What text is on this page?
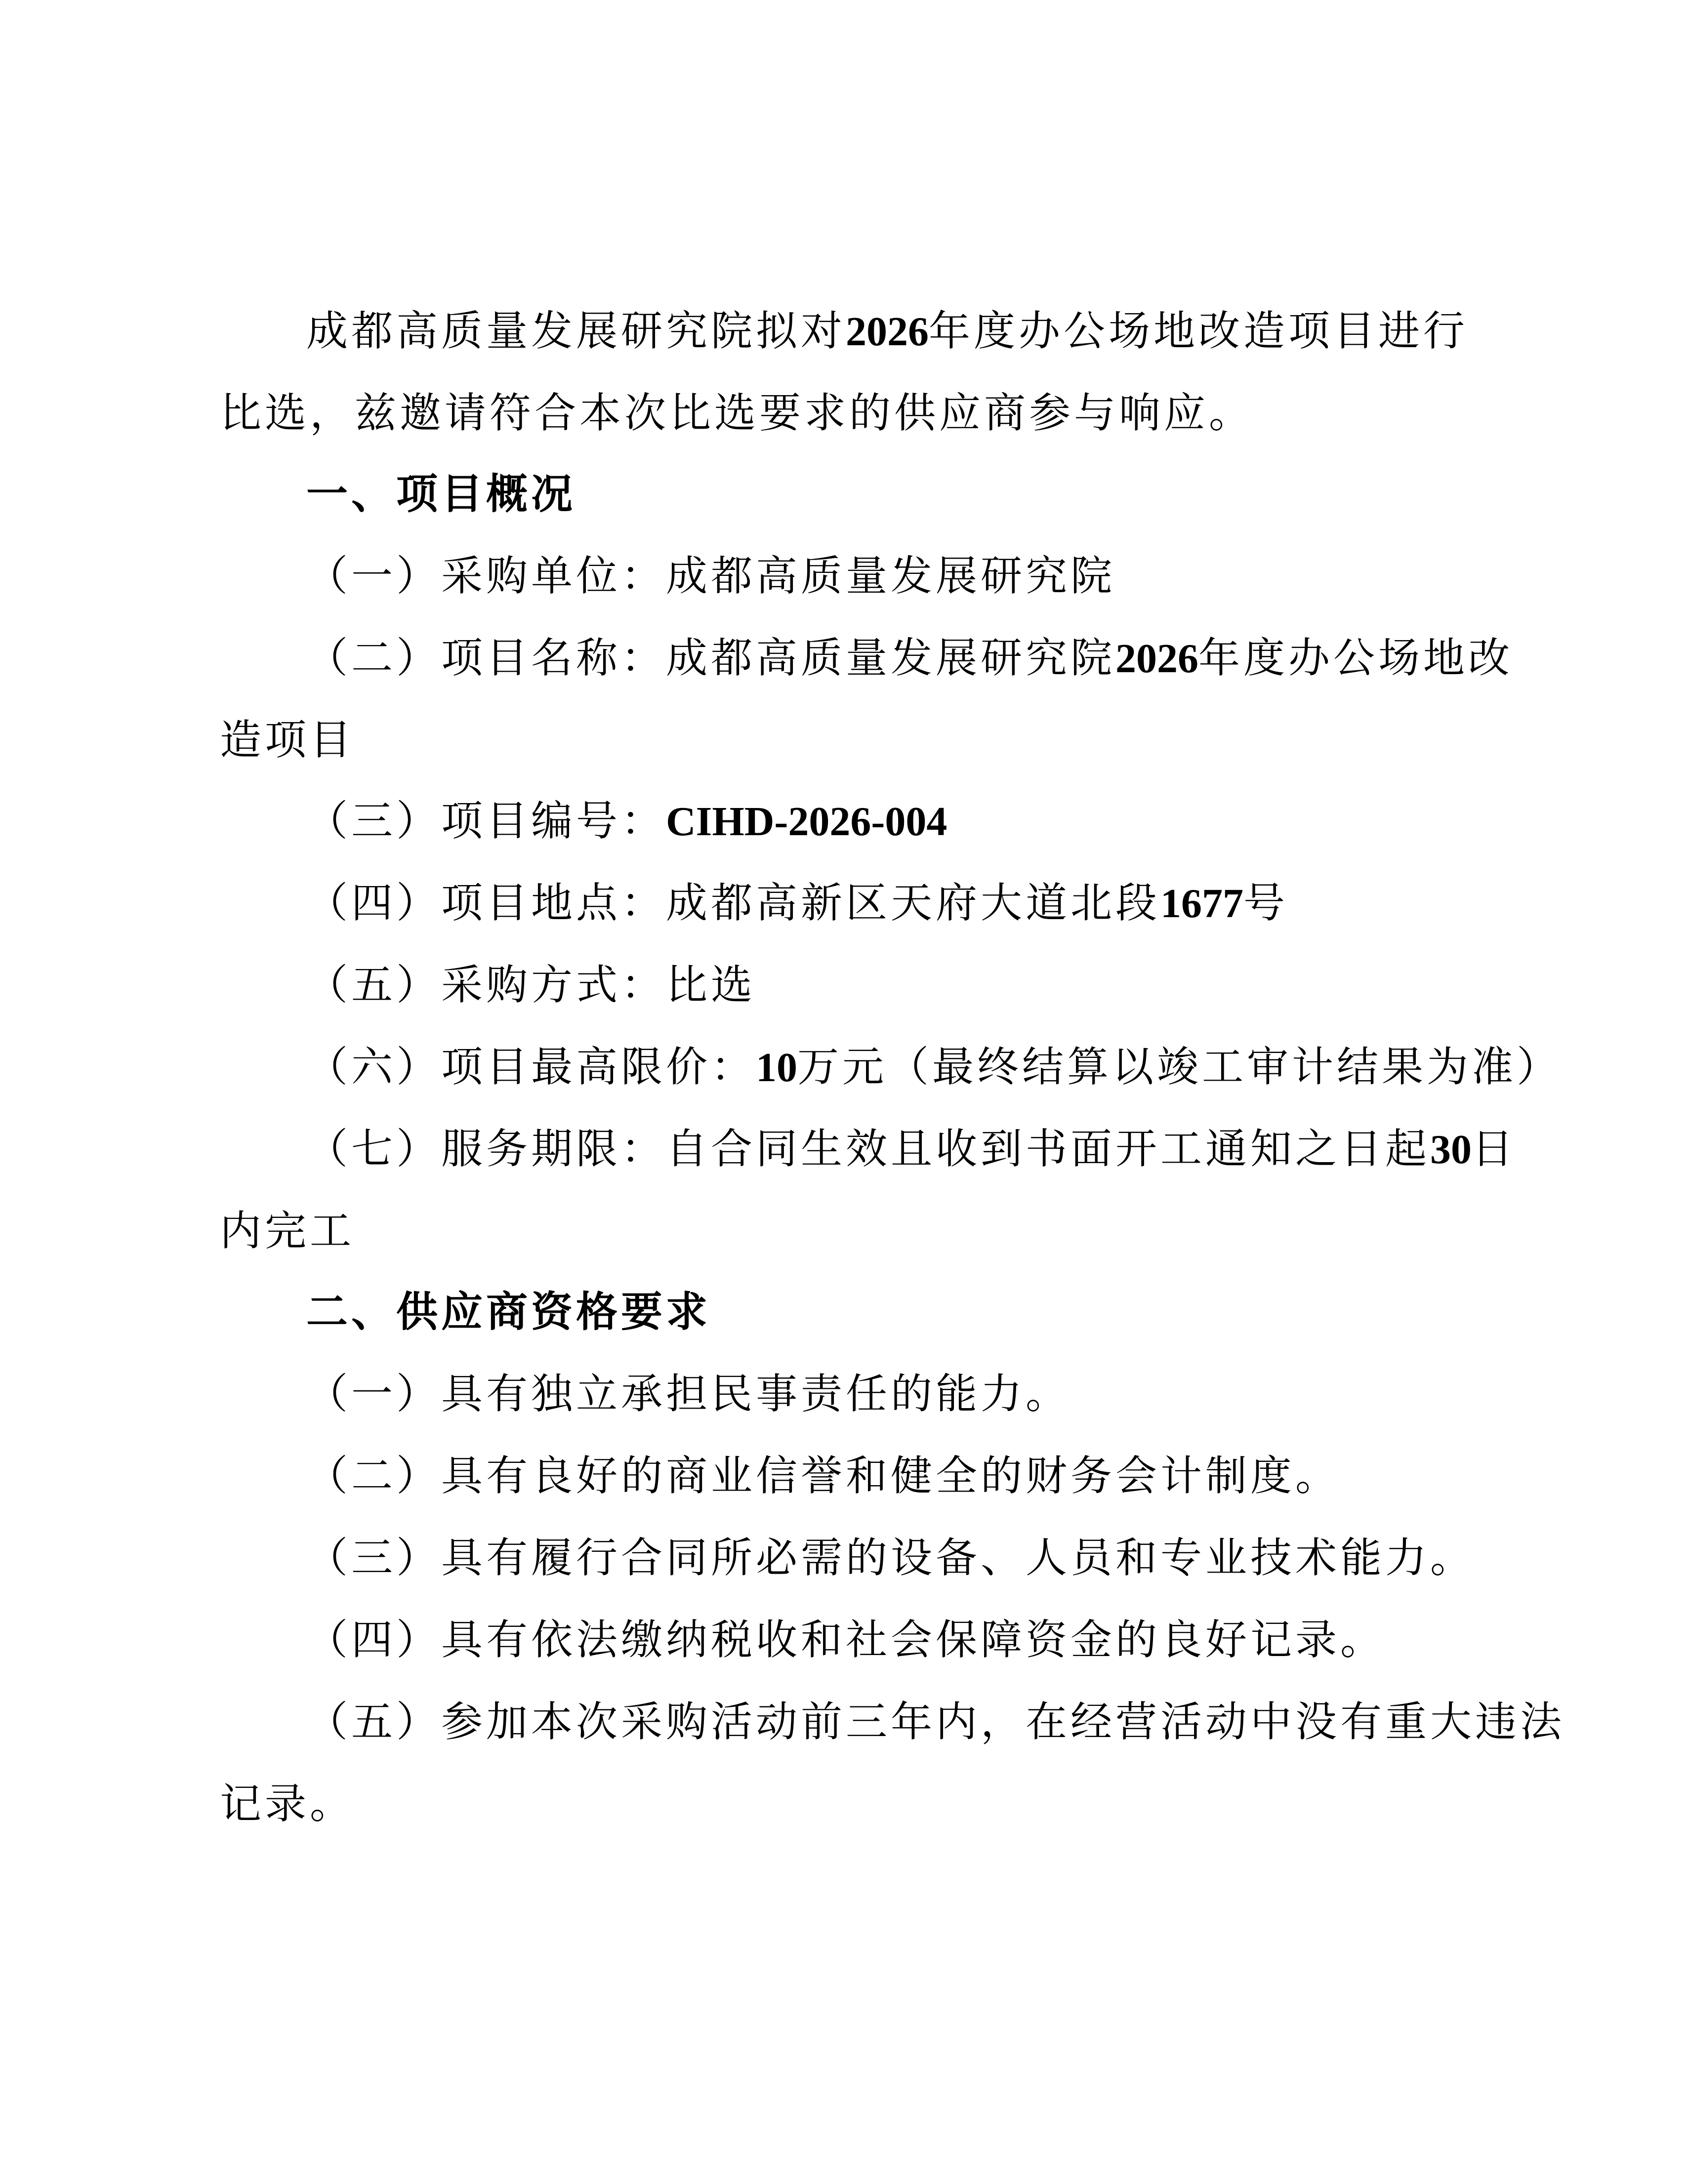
成都高质量发展研究院拟对2026年度办公场地改造项目进行
比选，兹邀请符合本次比选要求的供应商参与响应。
一、项目概况
（一）采购单位：成都高质量发展研究院
（二）项目名称：成都高质量发展研究院2026年度办公场地改
造项目
（三）项目编号：CIHD-2026-004
（四）项目地点：成都高新区天府大道北段1677号
（五）采购方式：比选
（六）项目最高限价：10万元（最终结算以竣工审计结果为准）
（七）服务期限：自合同生效且收到书面开工通知之日起30日
内完工
二、供应商资格要求
（一）具有独立承担民事责任的能力。
（二）具有良好的商业信誉和健全的财务会计制度。
（三）具有履行合同所必需的设备、人员和专业技术能力。
（四）具有依法缴纳税收和社会保障资金的良好记录。
（五）参加本次采购活动前三年内，在经营活动中没有重大违法
记录。
